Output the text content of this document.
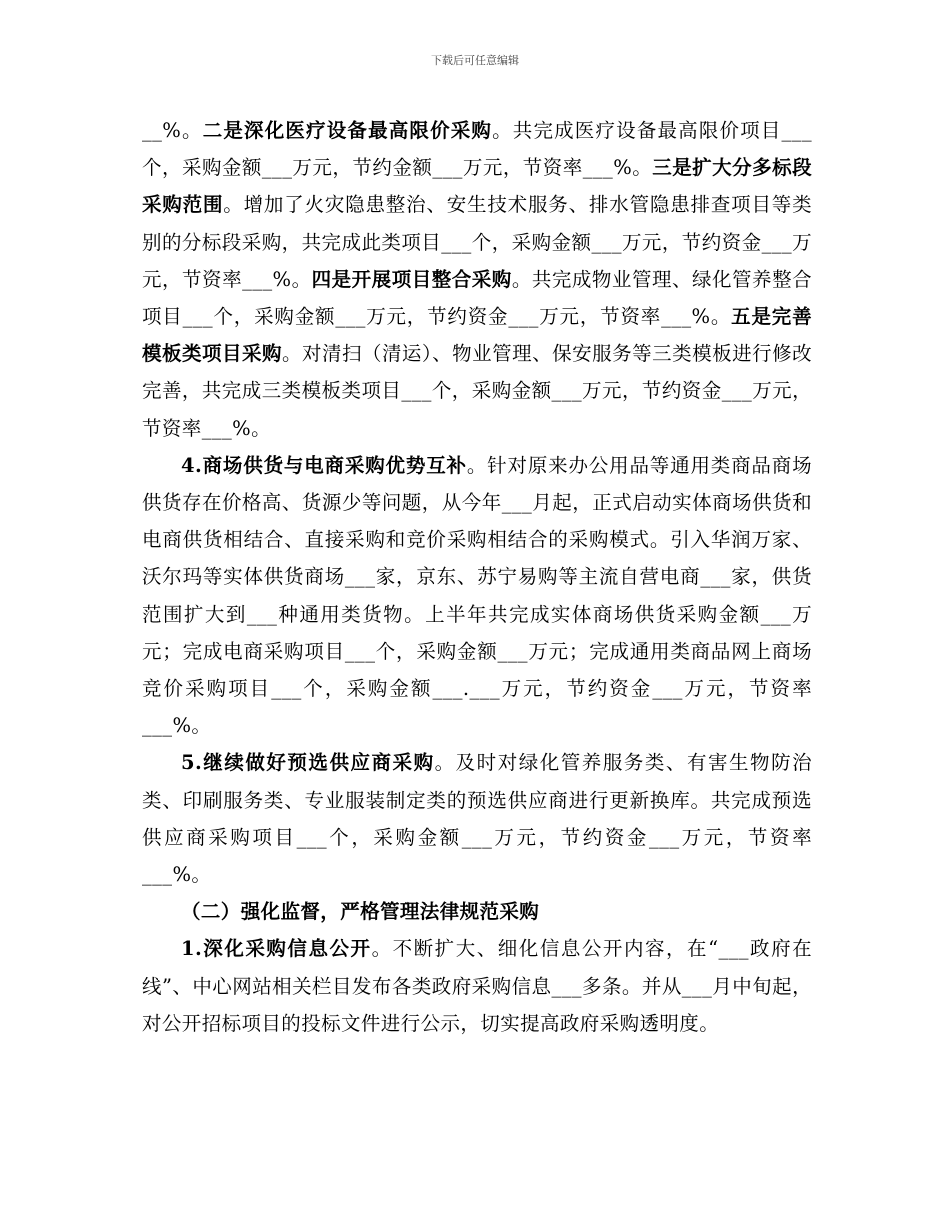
下载后可任意编辑

__%。二是深化医疗设备最高限价采购。共完成医疗设备最高限价项目___个，采购金额___万元，节约金额___万元，节资率___%。三是扩大分多标段采购范围。增加了火灾隐患整治、安生技术服务、排水管隐患排查项目等类别的分标段采购，共完成此类项目___个，采购金额___万元，节约资金___万元，节资率___%。四是开展项目整合采购。共完成物业管理、绿化管养整合项目___个，采购金额___万元，节约资金___万元，节资率___%。五是完善模板类项目采购。对清扫（清运）、物业管理、保安服务等三类模板进行修改完善，共完成三类模板类项目___个，采购金额___万元，节约资金___万元，节资率___%。

4.商场供货与电商采购优势互补。针对原来办公用品等通用类商品商场供货存在价格高、货源少等问题，从今年___月起，正式启动实体商场供货和电商供货相结合、直接采购和竞价采购相结合的采购模式。引入华润万家、沃尔玛等实体供货商场___家，京东、苏宁易购等主流自营电商___家，供货范围扩大到___种通用类货物。上半年共完成实体商场供货采购金额___万元；完成电商采购项目___个，采购金额___万元；完成通用类商品网上商场竞价采购项目___个，采购金额___.___万元，节约资金___万元，节资率___%。

5.继续做好预选供应商采购。及时对绿化管养服务类、有害生物防治类、印刷服务类、专业服装制定类的预选供应商进行更新换库。共完成预选供应商采购项目___个，采购金额___万元，节约资金___万元，节资率___%。

（二）强化监督，严格管理法律规范采购

1.深化采购信息公开。不断扩大、细化信息公开内容，在“___政府在线”、中心网站相关栏目发布各类政府采购信息___多条。并从___月中旬起，对公开招标项目的投标文件进行公示，切实提高政府采购透明度。
